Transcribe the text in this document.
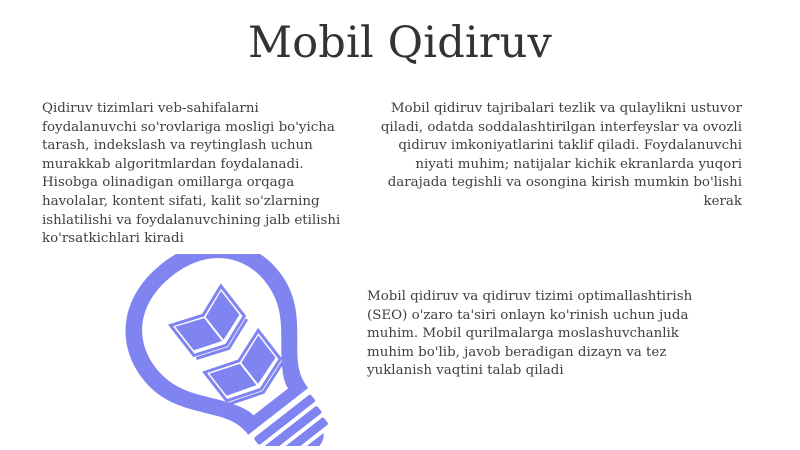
Mobil Qidiruv

Qidiruv tizimlari veb-sahifalarni foydalanuvchi so'rovlariga mosligi bo'yicha tarash, indekslash va reytinglash uchun murakkab algoritmlardan foydalanadi. Hisobga olinadigan omillarga orqaga havolalar, kontent sifati, kalit so'zlarning ishlatilishi va foydalanuvchining jalb etilishi ko'rsatkichlari kiradi

Mobil qidiruv tajribalari tezlik va qulaylikni ustuvor qiladi, odatda soddalashtirilgan interfeyslar va ovozli qidiruv imkoniyatlarini taklif qiladi. Foydalanuvchi niyati muhim; natijalar kichik ekranlarda yuqori darajada tegishli va osongina kirish mumkin bo'lishi kerak

Mobil qidiruv va qidiruv tizimi optimallashtirish (SEO) o'zaro ta'siri onlayn ko'rinish uchun juda muhim. Mobil qurilmalarga moslashuvchanlik muhim bo'lib, javob beradigan dizayn va tez yuklanish vaqtini talab qiladi
